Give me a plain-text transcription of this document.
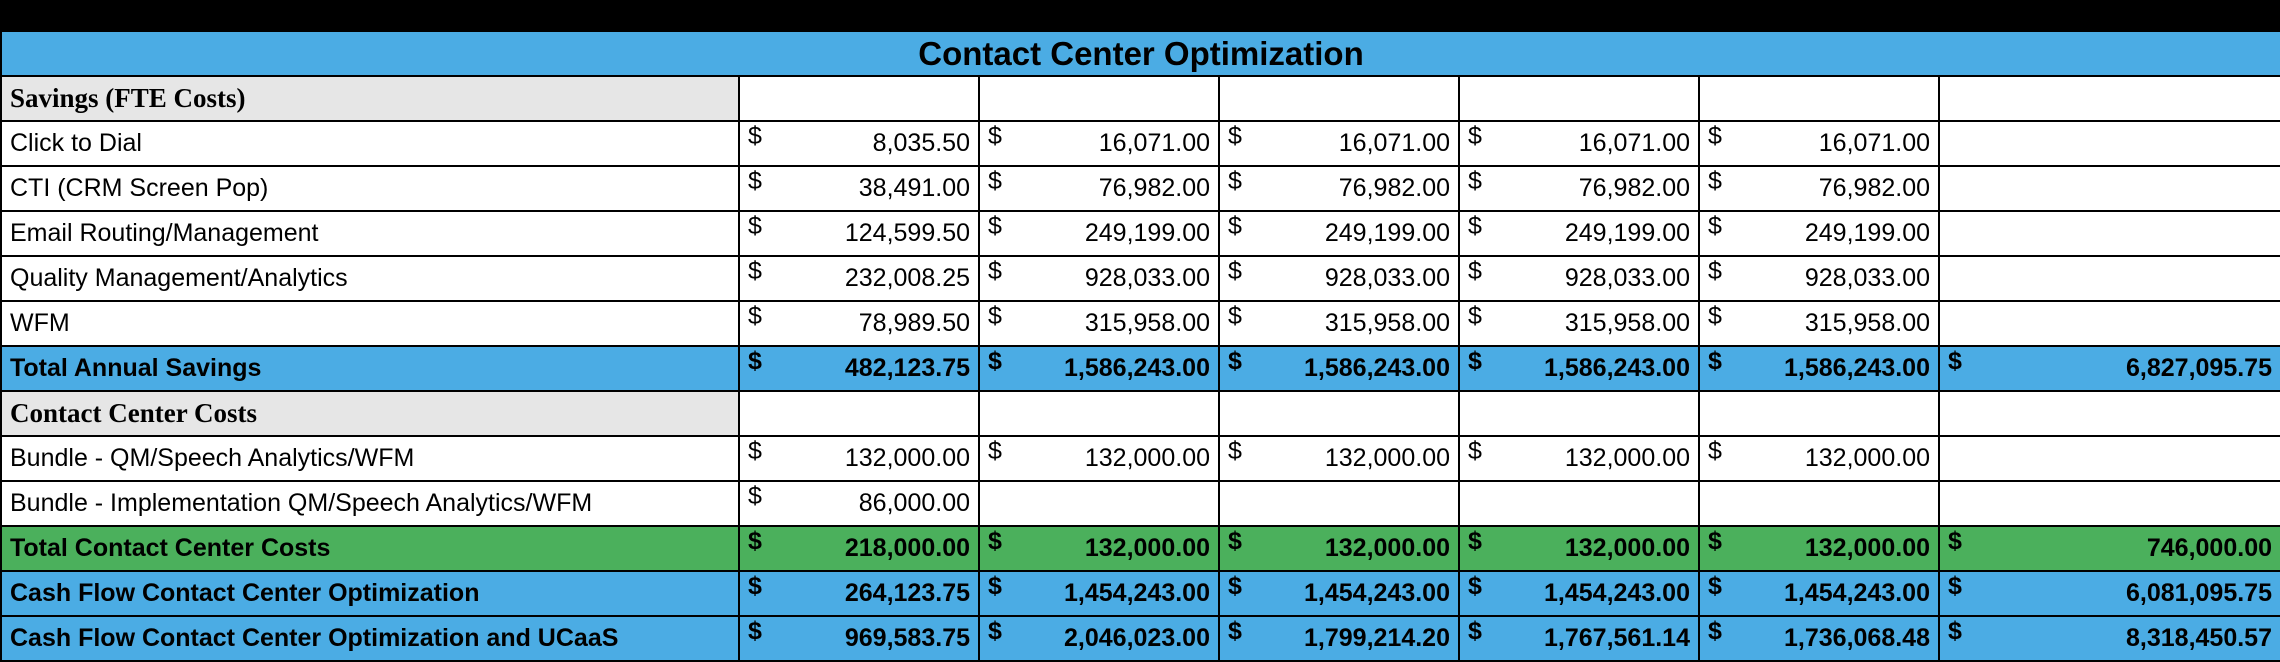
Contact Center Optimization						
Savings (FTE Costs)						
Click to Dial	$ 8,035.50	$ 16,071.00	$ 16,071.00	$ 16,071.00	$ 16,071.00	
CTI (CRM Screen Pop)	$ 38,491.00	$ 76,982.00	$ 76,982.00	$ 76,982.00	$ 76,982.00	
Email Routing/Management	$ 124,599.50	$ 249,199.00	$ 249,199.00	$ 249,199.00	$ 249,199.00	
Quality Management/Analytics	$ 232,008.25	$ 928,033.00	$ 928,033.00	$ 928,033.00	$ 928,033.00	
WFM	$ 78,989.50	$ 315,958.00	$ 315,958.00	$ 315,958.00	$ 315,958.00	
Total Annual Savings	$ 482,123.75	$ 1,586,243.00	$ 1,586,243.00	$ 1,586,243.00	$ 1,586,243.00	$ 6,827,095.75
Contact Center Costs						
Bundle - QM/Speech Analytics/WFM	$ 132,000.00	$ 132,000.00	$ 132,000.00	$ 132,000.00	$ 132,000.00	
Bundle - Implementation QM/Speech Analytics/WFM	$ 86,000.00					
Total Contact Center Costs	$ 218,000.00	$ 132,000.00	$ 132,000.00	$ 132,000.00	$ 132,000.00	$ 746,000.00
Cash Flow Contact Center Optimization	$ 264,123.75	$ 1,454,243.00	$ 1,454,243.00	$ 1,454,243.00	$ 1,454,243.00	$ 6,081,095.75
Cash Flow Contact Center Optimization and UCaaS	$ 969,583.75	$ 2,046,023.00	$ 1,799,214.20	$ 1,767,561.14	$ 1,736,068.48	$ 8,318,450.57
